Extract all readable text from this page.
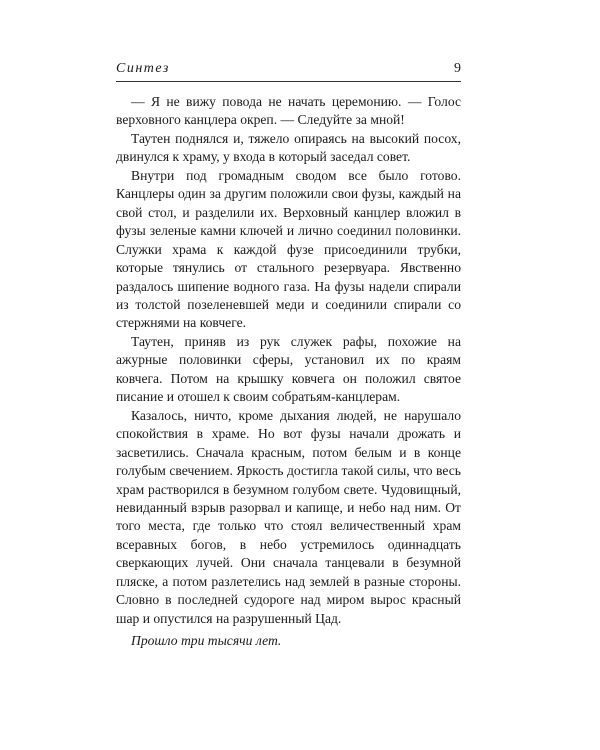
Синтез	9

— Я не вижу повода не начать церемонию. — Голос верховного канцлера окреп. — Следуйте за мной!

Таутен поднялся и, тяжело опираясь на высокий посох, двинулся к храму, у входа в который заседал совет.

Внутри под громадным сводом все было готово. Канцлеры один за другим положили свои фузы, каждый на свой стол, и разделили их. Верховный канцлер вложил в фузы зеленые камни ключей и лично соединил половинки. Служки храма к каждой фузе присоединили трубки, которые тянулись от стального резервуара. Явственно раздалось шипение водного газа. На фузы надели спирали из толстой позеленевшей меди и соединили спирали со стержнями на ковчеге.

Таутен, приняв из рук служек рафы, похожие на ажурные половинки сферы, установил их по краям ковчега. Потом на крышку ковчега он положил святое писание и отошел к своим собратьям-канцлерам.

Казалось, ничто, кроме дыхания людей, не нарушало спокойствия в храме. Но вот фузы начали дрожать и засветились. Сначала красным, потом белым и в конце голубым свечением. Яркость достигла такой силы, что весь храм растворился в безумном голубом свете. Чудовищный, невиданный взрыв разорвал и капище, и небо над ним. От того места, где только что стоял величественный храм всеравных богов, в небо устремилось одиннадцать сверкающих лучей. Они сначала танцевали в безумной пляске, а потом разлетелись над землей в разные стороны. Словно в последней судороге над миром вырос красный шар и опустился на разрушенный Цад.

Прошло три тысячи лет.
